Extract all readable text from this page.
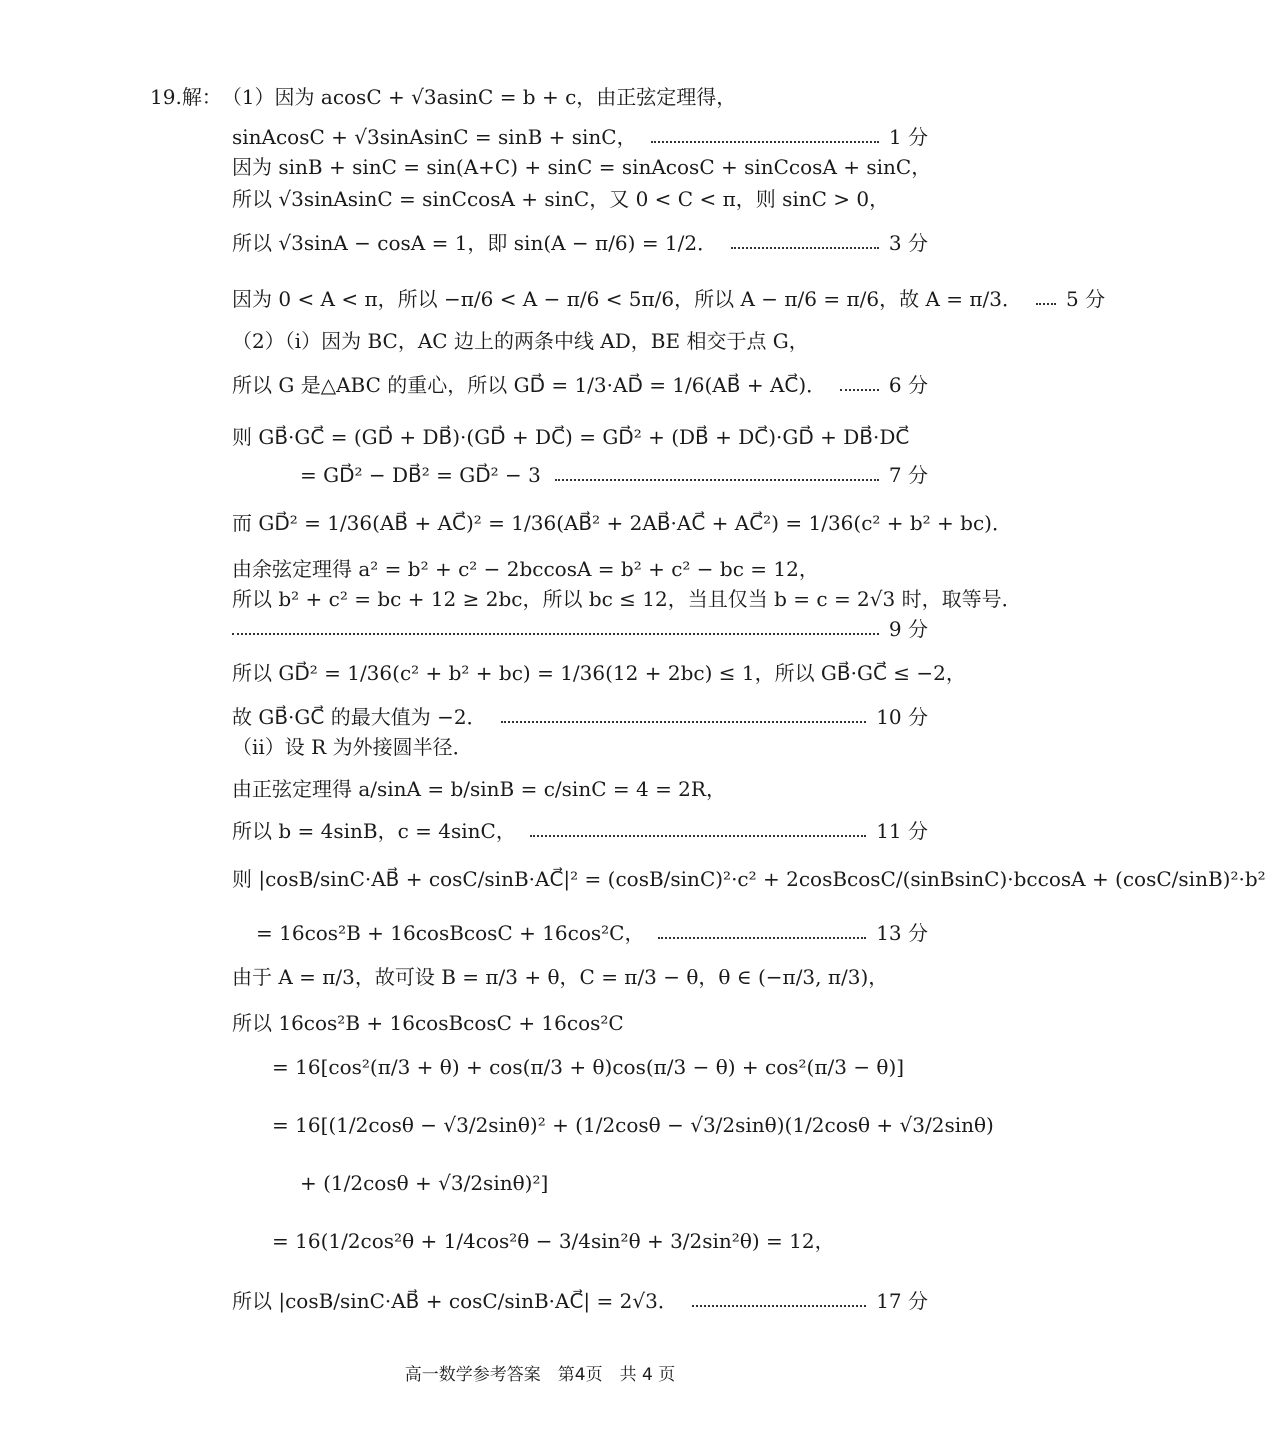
19. 解： （1）因为 acosC + √3asinC = b + c，由正弦定理得，
sinAcosC + √3sinAsinC = sinB + sinC，	1 分
因为 sinB + sinC = sin(A+C) + sinC = sinAcosC + sinCcosA + sinC，
所以 √3sinAsinC = sinCcosA + sinC，又 0 < C < π，则 sinC > 0，
所以 √3sinA − cosA = 1，即 sin(A − π/6) = 1/2．	3 分
因为 0 < A < π，所以 −π/6 < A − π/6 < 5π/6，所以 A − π/6 = π/6，故 A = π/3． 5 分
（2）（i）因为 BC，AC 边上的两条中线 AD，BE 相交于点 G，
所以 G 是△ABC 的重心，所以 GD⃗ = 1/3·AD⃗ = 1/6(AB⃗ + AC⃗)．	6 分
则 GB⃗·GC⃗ = (GD⃗ + DB⃗)·(GD⃗ + DC⃗) = GD⃗² + (DB⃗ + DC⃗)·GD⃗ + DB⃗·DC⃗
= GD⃗² − DB⃗² = GD⃗² − 3	7 分
而 GD⃗² = 1/36(AB⃗ + AC⃗)² = 1/36(AB⃗² + 2AB⃗·AC⃗ + AC⃗²) = 1/36(c² + b² + bc)．
由余弦定理得 a² = b² + c² − 2bccosA = b² + c² − bc = 12，
所以 b² + c² = bc + 12 ≥ 2bc，所以 bc ≤ 12，当且仅当 b = c = 2√3 时，取等号．
9 分
所以 GD⃗² = 1/36(c² + b² + bc) = 1/36(12 + 2bc) ≤ 1，所以 GB⃗·GC⃗ ≤ −2，
故 GB⃗·GC⃗ 的最大值为 −2．	10 分
（ii）设 R 为外接圆半径．
由正弦定理得 a/sinA = b/sinB = c/sinC = 4 = 2R，
所以 b = 4sinB，c = 4sinC，	11 分
则 |cosB/sinC·AB⃗ + cosC/sinB·AC⃗|² = (cosB/sinC)²·c² + 2cosBcosC/(sinBsinC)·bccosA + (cosC/sinB)²·b²
= 16cos²B + 16cosBcosC + 16cos²C，	13 分
由于 A = π/3，故可设 B = π/3 + θ，C = π/3 − θ，θ ∈ (−π/3, π/3)，
所以 16cos²B + 16cosBcosC + 16cos²C
= 16[cos²(π/3 + θ) + cos(π/3 + θ)cos(π/3 − θ) + cos²(π/3 − θ)]
= 16[(1/2cosθ − √3/2sinθ)² + (1/2cosθ − √3/2sinθ)(1/2cosθ + √3/2sinθ)
+ (1/2cosθ + √3/2sinθ)²]
= 16(1/2cos²θ + 1/4cos²θ − 3/4sin²θ + 3/2sin²θ) = 12，
所以 |cosB/sinC·AB⃗ + cosC/sinB·AC⃗| = 2√3．	17 分
高一数学参考答案　第4页　共 4 页
